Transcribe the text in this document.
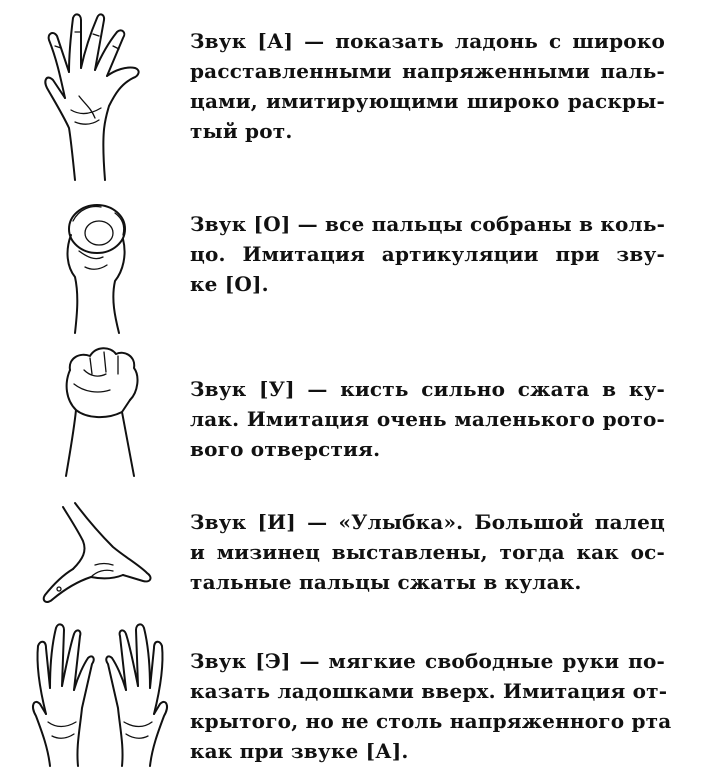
Звук [А] — показать ладонь с широко
расставленными напряженными паль-
цами, имитирующими широко раскры-
тый рот.
Звук [О] — все пальцы собраны в коль-
цо. Имитация артикуляции при зву-
ке [О].
Звук [У] — кисть сильно сжата в ку-
лак. Имитация очень маленького рото-
вого отверстия.
Звук [И] — «Улыбка». Большой палец
и мизинец выставлены, тогда как ос-
тальные пальцы сжаты в кулак.
Звук [Э] — мягкие свободные руки по-
казать ладошками вверх. Имитация от-
крытого, но не столь напряженного рта
как при звуке [А].
